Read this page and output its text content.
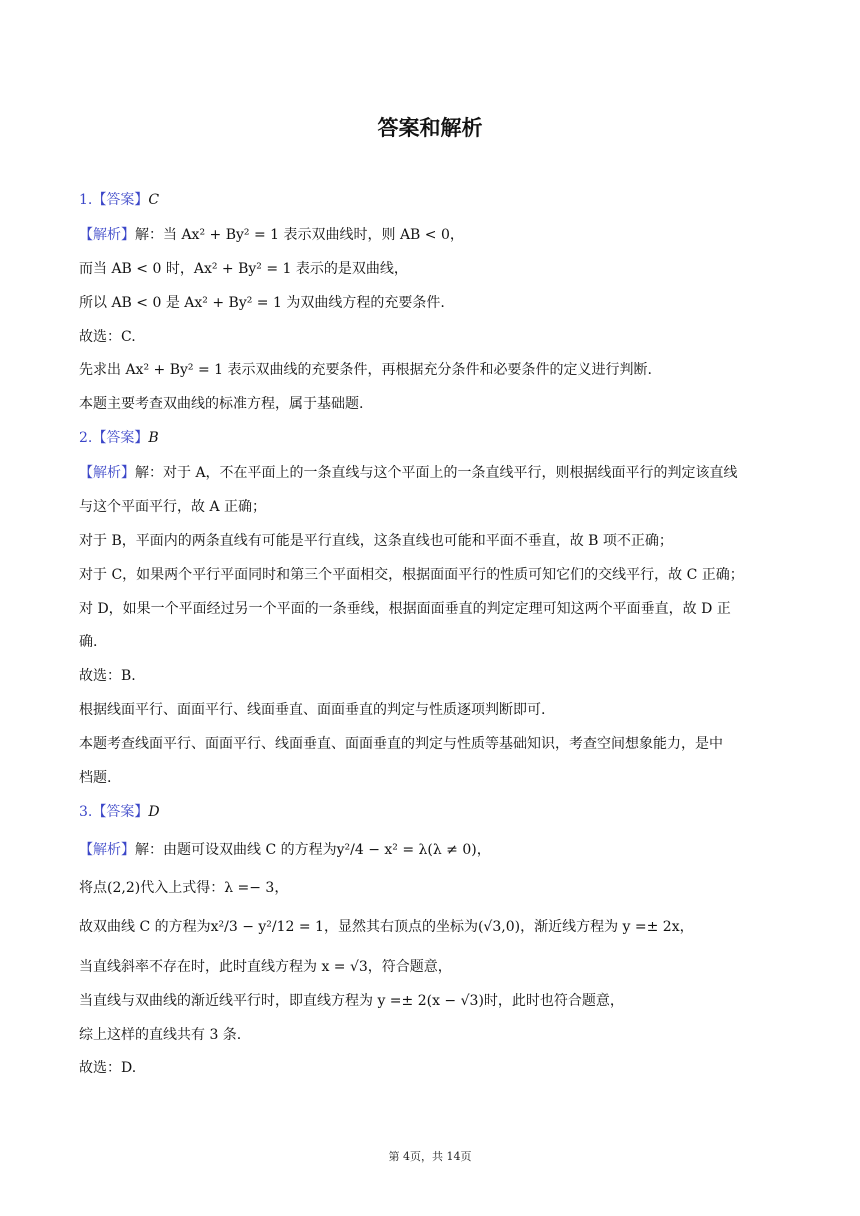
答案和解析
1.【答案】C
【解析】解：当 Ax² + By² = 1 表示双曲线时，则 AB < 0，
而当 AB < 0 时，Ax² + By² = 1 表示的是双曲线，
所以 AB < 0 是 Ax² + By² = 1 为双曲线方程的充要条件.
故选：C.
先求出 Ax² + By² = 1 表示双曲线的充要条件，再根据充分条件和必要条件的定义进行判断.
本题主要考查双曲线的标准方程，属于基础题.
2.【答案】B
【解析】解：对于 A，不在平面上的一条直线与这个平面上的一条直线平行，则根据线面平行的判定该直线
与这个平面平行，故 A 正确；
对于 B，平面内的两条直线有可能是平行直线，这条直线也可能和平面不垂直，故 B 项不正确；
对于 C，如果两个平行平面同时和第三个平面相交，根据面面平行的性质可知它们的交线平行，故 C 正确；
对 D，如果一个平面经过另一个平面的一条垂线，根据面面垂直的判定定理可知这两个平面垂直，故 D 正
确.
故选：B.
根据线面平行、面面平行、线面垂直、面面垂直的判定与性质逐项判断即可.
本题考查线面平行、面面平行、线面垂直、面面垂直的判定与性质等基础知识，考查空间想象能力，是中
档题.
3.【答案】D
【解析】解：由题可设双曲线 C 的方程为y²/4 − x² = λ(λ ≠ 0)，
将点(2,2)代入上式得：λ =− 3，
故双曲线 C 的方程为x²/3 − y²/12 = 1，显然其右顶点的坐标为(√3,0)，渐近线方程为 y =± 2x，
当直线斜率不存在时，此时直线方程为 x = √3，符合题意，
当直线与双曲线的渐近线平行时，即直线方程为 y =± 2(x − √3)时，此时也符合题意，
综上这样的直线共有 3 条.
故选：D.
第 4页，共 14页
